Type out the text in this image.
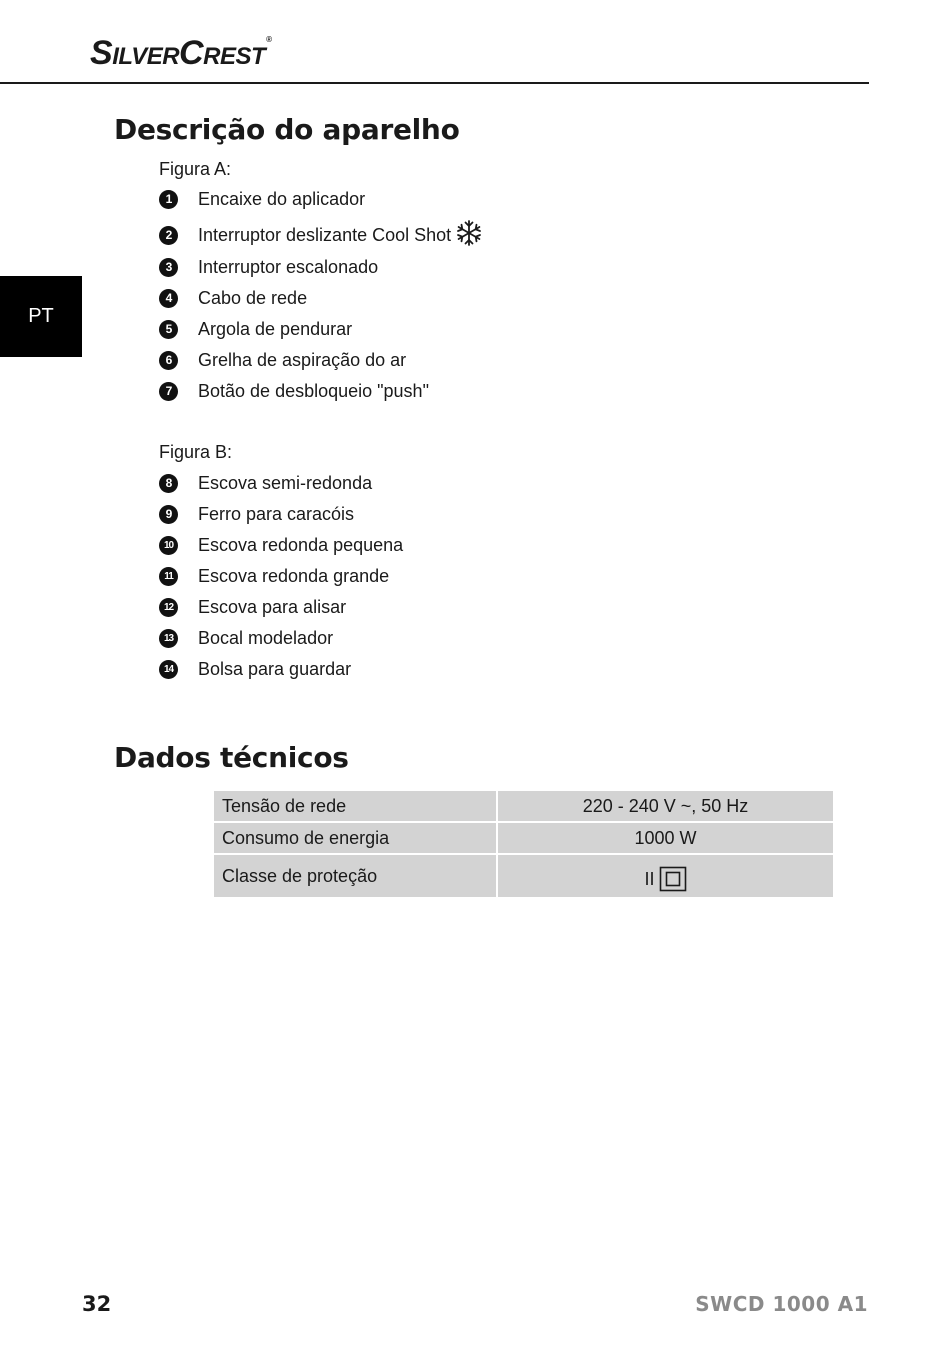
SILVERCREST®
PT
Descrição do aparelho
Figura A:
1	Encaixe do aplicador
2	Interruptor deslizante Cool Shot
3	Interruptor escalonado
4	Cabo de rede
5	Argola de pendurar
6	Grelha de aspiração do ar
7	Botão de desbloqueio "push"
Figura B:
8	Escova semi-redonda
9	Ferro para caracóis
10 Escova redonda pequena
11 Escova redonda grande
12 Escova para alisar
13 Bocal modelador
14 Bolsa para guardar
Dados técnicos
Tensão de rede	220 - 240 V ~, 50 Hz
Consumo de energia	1000 W
Classe de proteção	II
32	SWCD 1000 A1
